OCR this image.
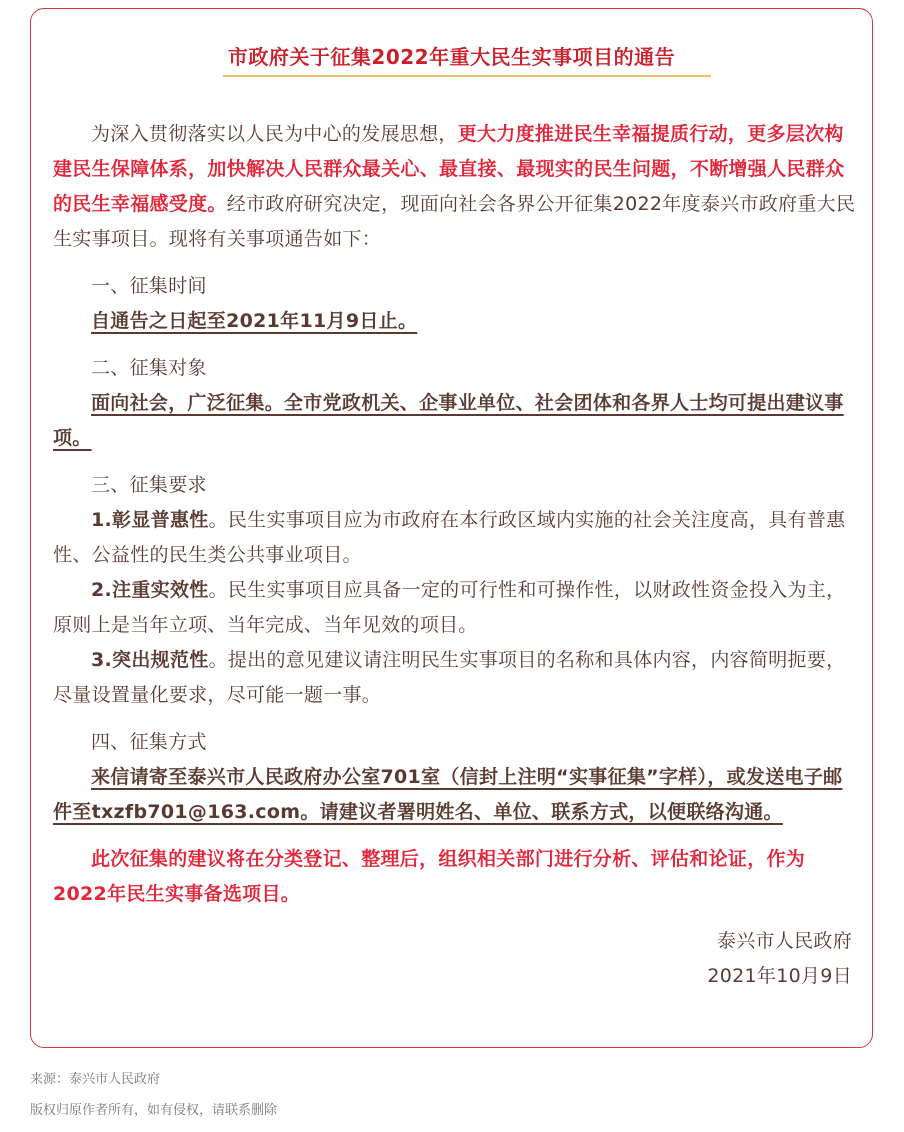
市政府关于征集2022年重大民生实事项目的通告

为深入贯彻落实以人民为中心的发展思想，更大力度推进民生幸福提质行动，更多层次构建民生保障体系，加快解决人民群众最关心、最直接、最现实的民生问题，不断增强人民群众的民生幸福感受度。经市政府研究决定，现面向社会各界公开征集2022年度泰兴市政府重大民生实事项目。现将有关事项通告如下：

一、征集时间

自通告之日起至2021年11月9日止。

二、征集对象

面向社会，广泛征集。全市党政机关、企事业单位、社会团体和各界人士均可提出建议事项。

三、征集要求

1.彰显普惠性。民生实事项目应为市政府在本行政区域内实施的社会关注度高，具有普惠性、公益性的民生类公共事业项目。

2.注重实效性。民生实事项目应具备一定的可行性和可操作性，以财政性资金投入为主，原则上是当年立项、当年完成、当年见效的项目。

3.突出规范性。提出的意见建议请注明民生实事项目的名称和具体内容，内容简明扼要，尽量设置量化要求，尽可能一题一事。

四、征集方式

来信请寄至泰兴市人民政府办公室701室（信封上注明“实事征集”字样），或发送电子邮件至txzfb701@163.com。请建议者署明姓名、单位、联系方式，以便联络沟通。

此次征集的建议将在分类登记、整理后，组织相关部门进行分析、评估和论证，作为2022年民生实事备选项目。

泰兴市人民政府

2021年10月9日

来源：泰兴市人民政府
版权归原作者所有，如有侵权，请联系删除
